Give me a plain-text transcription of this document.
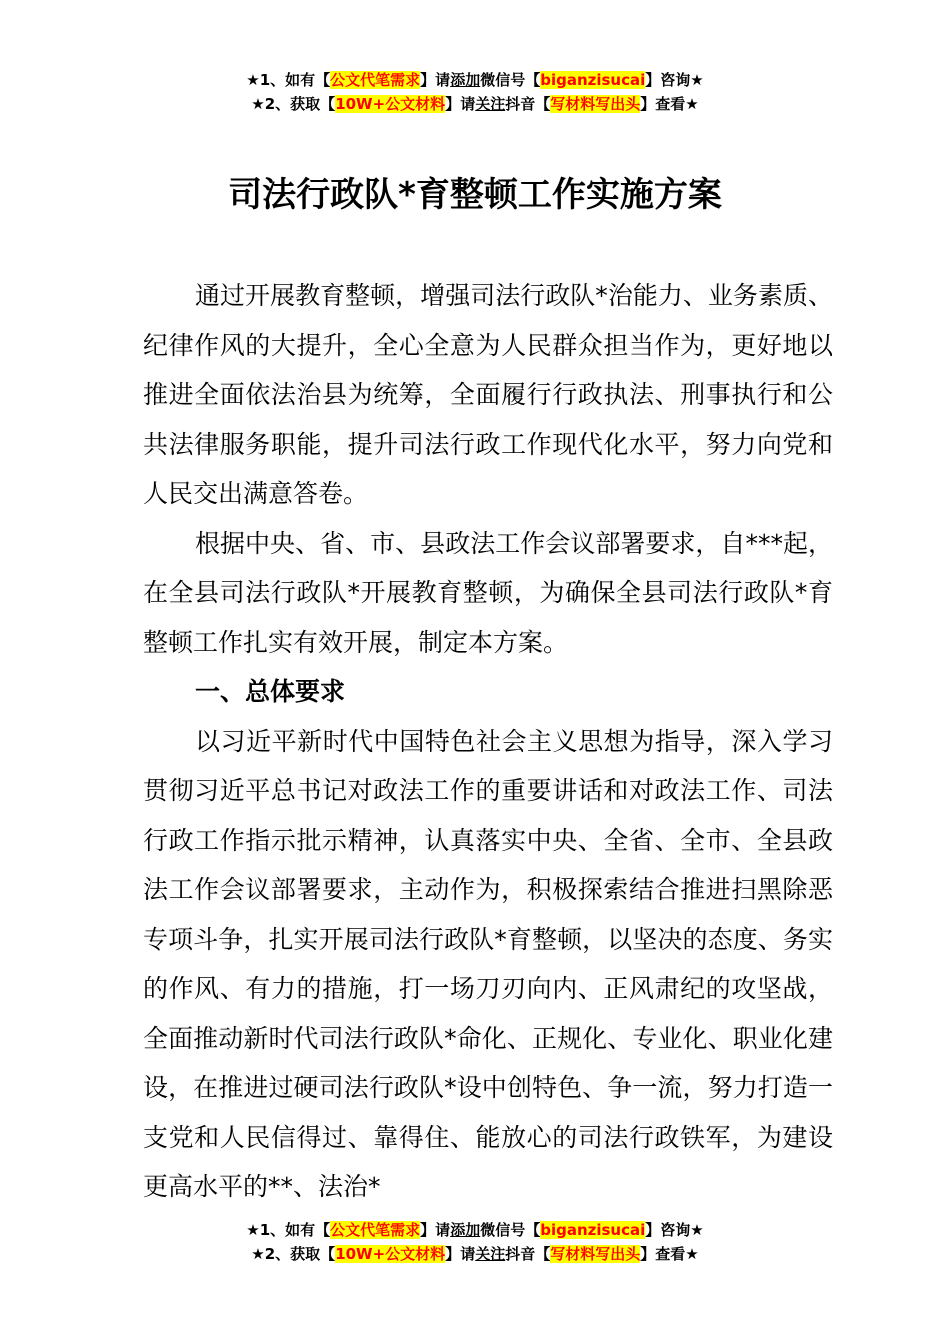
★1、如有【公文代笔需求】请添加微信号【biganzisucai】咨询★
★2、获取【10W+公文材料】请关注抖音【写材料写出头】查看★
司法行政队*育整顿工作实施方案

通过开展教育整顿，增强司法行政队*治能力、业务素质、纪律作风的大提升，全心全意为人民群众担当作为，更好地以推进全面依法治县为统筹，全面履行行政执法、刑事执行和公共法律服务职能，提升司法行政工作现代化水平，努力向党和人民交出满意答卷。

根据中央、省、市、县政法工作会议部署要求，自***起，在全县司法行政队*开展教育整顿，为确保全县司法行政队*育整顿工作扎实有效开展，制定本方案。

一、总体要求

以习近平新时代中国特色社会主义思想为指导，深入学习贯彻习近平总书记对政法工作的重要讲话和对政法工作、司法行政工作指示批示精神，认真落实中央、全省、全市、全县政法工作会议部署要求，主动作为，积极探索结合推进扫黑除恶专项斗争，扎实开展司法行政队*育整顿，以坚决的态度、务实的作风、有力的措施，打一场刀刃向内、正风肃纪的攻坚战，全面推动新时代司法行政队*命化、正规化、专业化、职业化建设，在推进过硬司法行政队*设中创特色、争一流，努力打造一支党和人民信得过、靠得住、能放心的司法行政铁军，为建设更高水平的**、法治*

★1、如有【公文代笔需求】请添加微信号【biganzisucai】咨询★
★2、获取【10W+公文材料】请关注抖音【写材料写出头】查看★
